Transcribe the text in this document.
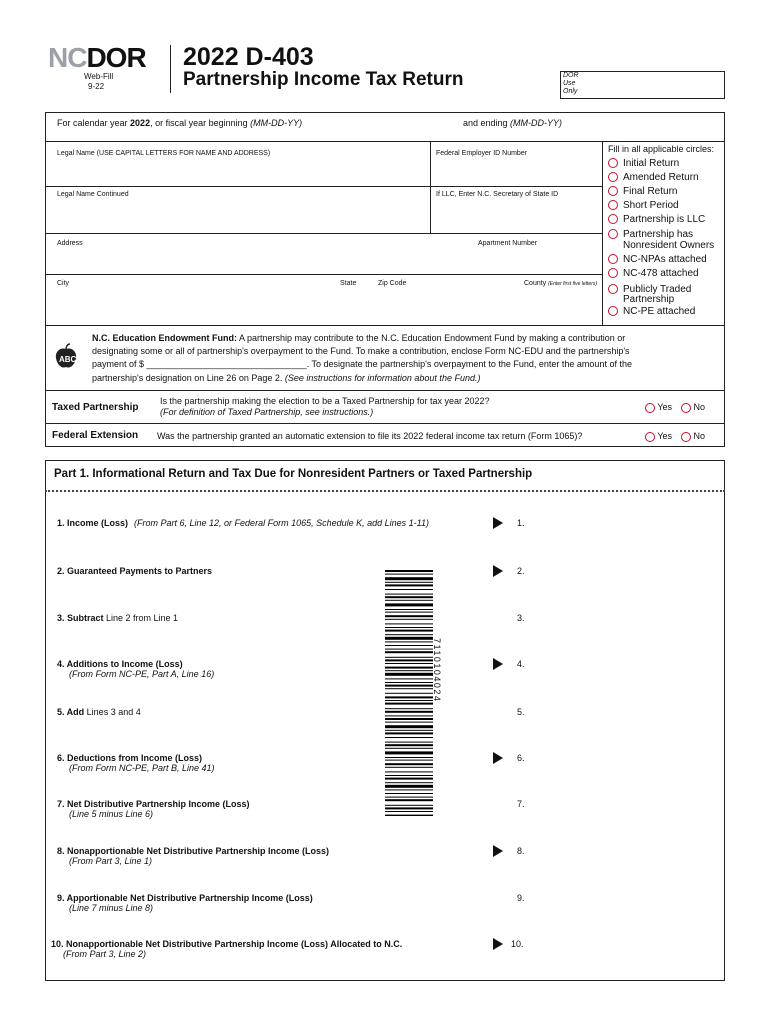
NCDOR
Web-Fill
9-22
2022 D-403
Partnership Income Tax Return	DOR
Use
Only
For calendar year 2022, or fiscal year beginning (MM-DD-YY)	and ending (MM-DD-YY)
Legal Name (USE CAPITAL LETTERS FOR NAME AND ADDRESS)	Federal Employer ID Number
Legal Name Continued	If LLC, Enter N.C. Secretary of State ID
Address	Apartment Number
City	State	Zip Code	County (Enter first five letters)
Fill in all applicable circles:
Initial Return
Amended Return
Final Return
Short Period
Partnership is LLC
Partnership has
Nonresident Owners
NC-NPAs attached
NC-478 attached
Publicly Traded
Partnership
NC-PE attached
ABC
N.C. Education Endowment Fund: A partnership may contribute to the N.C. Education Endowment Fund by making a contribution or
designating some or all of partnership's overpayment to the Fund. To make a contribution, enclose Form NC-EDU and the partnership's
payment of $ ________________________________. To designate the partnership's overpayment to the Fund, enter the amount of the
partnership's designation on Line 26 on Page 2. (See instructions for information about the Fund.)
Taxed Partnership
Is the partnership making the election to be a Taxed Partnership for tax year 2022?
(For definition of Taxed Partnership, see instructions.)	Yes	No
Federal Extension Was the partnership granted an automatic extension to file its 2022 federal income tax return (Form 1065)?	Yes	No
Part 1. Informational Return and Tax Due for Nonresident Partners or Taxed Partnership
7110104024
1. Income (Loss) (From Part 6, Line 12, or Federal Form 1065, Schedule K, add Lines 1-11)	1.
2. Guaranteed Payments to Partners	2.
3. Subtract Line 2 from Line 1	3.
4. Additions to Income (Loss)
(From Form NC-PE, Part A, Line 16)
4.
5. Add Lines 3 and 4	5.
6. Deductions from Income (Loss)
(From Form NC-PE, Part B, Line 41)
6.
7. Net Distributive Partnership Income (Loss)
(Line 5 minus Line 6)
7.
8. Nonapportionable Net Distributive Partnership Income (Loss)
(From Part 3, Line 1)
8.
9. Apportionable Net Distributive Partnership Income (Loss)
(Line 7 minus Line 8)
9.
10. Nonapportionable Net Distributive Partnership Income (Loss) Allocated to N.C.
(From Part 3, Line 2)
10.
